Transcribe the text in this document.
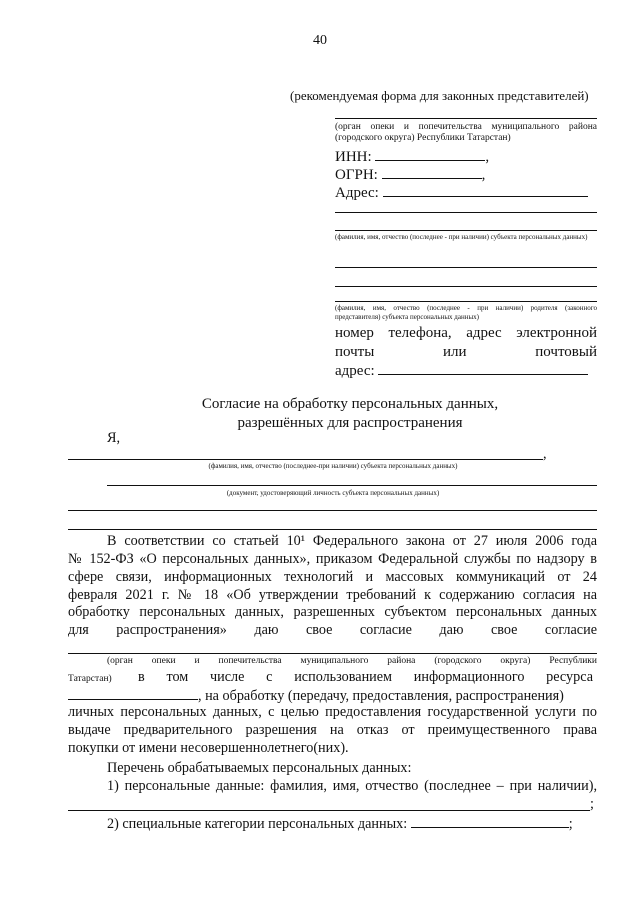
40
(рекомендуемая форма для законных представителей)
(орган опеки и попечительства муниципального района (городского округа) Республики Татарстан)
ИНН:	,
ОГРН:	,
Адрес:
(фамилия, имя, отчество (последнее - при наличии) субъекта персональных данных)
(фамилия, имя, отчество (последнее - при наличии) родителя (законного представителя) субъекта персональных данных)
номер телефона, адрес электронной
почты или почтовый
адрес:
Согласие на обработку персональных данных,
разрешённых для распространения
Я,
,
(фамилия, имя, отчество (последнее-при наличии) субъекта персональных данных)
(документ, удостоверяющий личность субъекта персональных данных)
В соответствии со статьей 10¹ Федерального закона от 27 июля 2006 года
№ 152-ФЗ «О персональных данных», приказом Федеральной службы по надзору в
сфере связи, информационных технологий и массовых коммуникаций от 24
февраля 2021 г. № 18 «Об утверждении требований к содержанию согласия на
обработку персональных данных, разрешенных субъектом персональных данных
для распространения» даю свое согласие даю свое согласие
(орган опеки и попечительства муниципального района (городского округа) Республики
Татарстан) в том числе с использованием информационного ресурса
, на обработку (передачу, предоставления, распространения)
личных персональных данных, с целью предоставления государственной услуги по
выдаче предварительного разрешения на отказ от преимущественного права
покупки от имени несовершеннолетнего(них).
Перечень обрабатываемых персональных данных:
1) персональные данные: фамилия, имя, отчество (последнее – при наличии),
;
2) специальные категории персональных данных:	;
